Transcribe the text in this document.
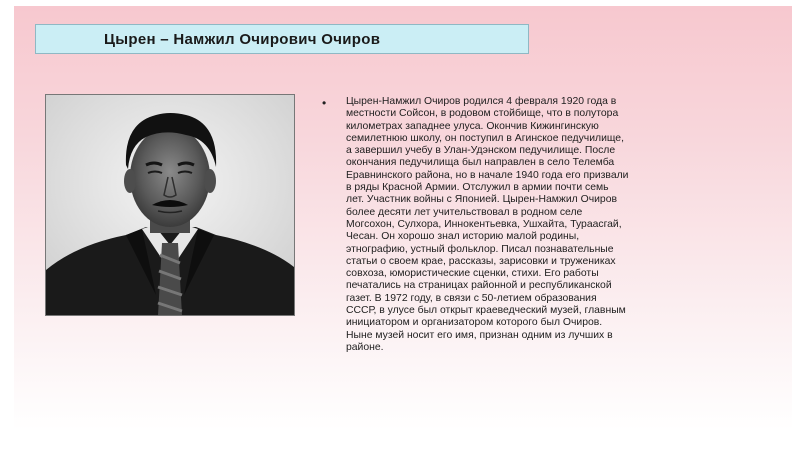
Цырен – Намжил Очирович Очиров
• Цырен-Намжил Очиров родился 4 февраля 1920 года в
местности Сойсон, в родовом стойбище, что в полутора
километрах западнее улуса. Окончив Кижингинскую
семилетнюю школу, он поступил в Агинское педучилище,
а завершил учебу в Улан-Удэнском педучилище. После
окончания педучилища был направлен в село Телемба
Еравнинского района, но в начале 1940 года его призвали
в ряды Красной Армии. Отслужил в армии почти семь
лет. Участник войны с Японией. Цырен-Намжил Очиров
более десяти лет учительствовал в родном селе
Могсохон, Сулхора, Иннокентьевка, Ушхайта, Тураасгай,
Чесан. Он хорошо знал историю малой родины,
этнографию, устный фольклор. Писал познавательные
статьи о своем крае, рассказы, зарисовки и тружениках
совхоза, юмористические сценки, стихи. Его работы
печатались на страницах районной и республиканской
газет. В 1972 году, в связи с 50-летием образования
СССР, в улусе был открыт краеведческий музей, главным
инициатором и организатором которого был Очиров.
Ныне музей носит его имя, признан одним из лучших в
районе.
